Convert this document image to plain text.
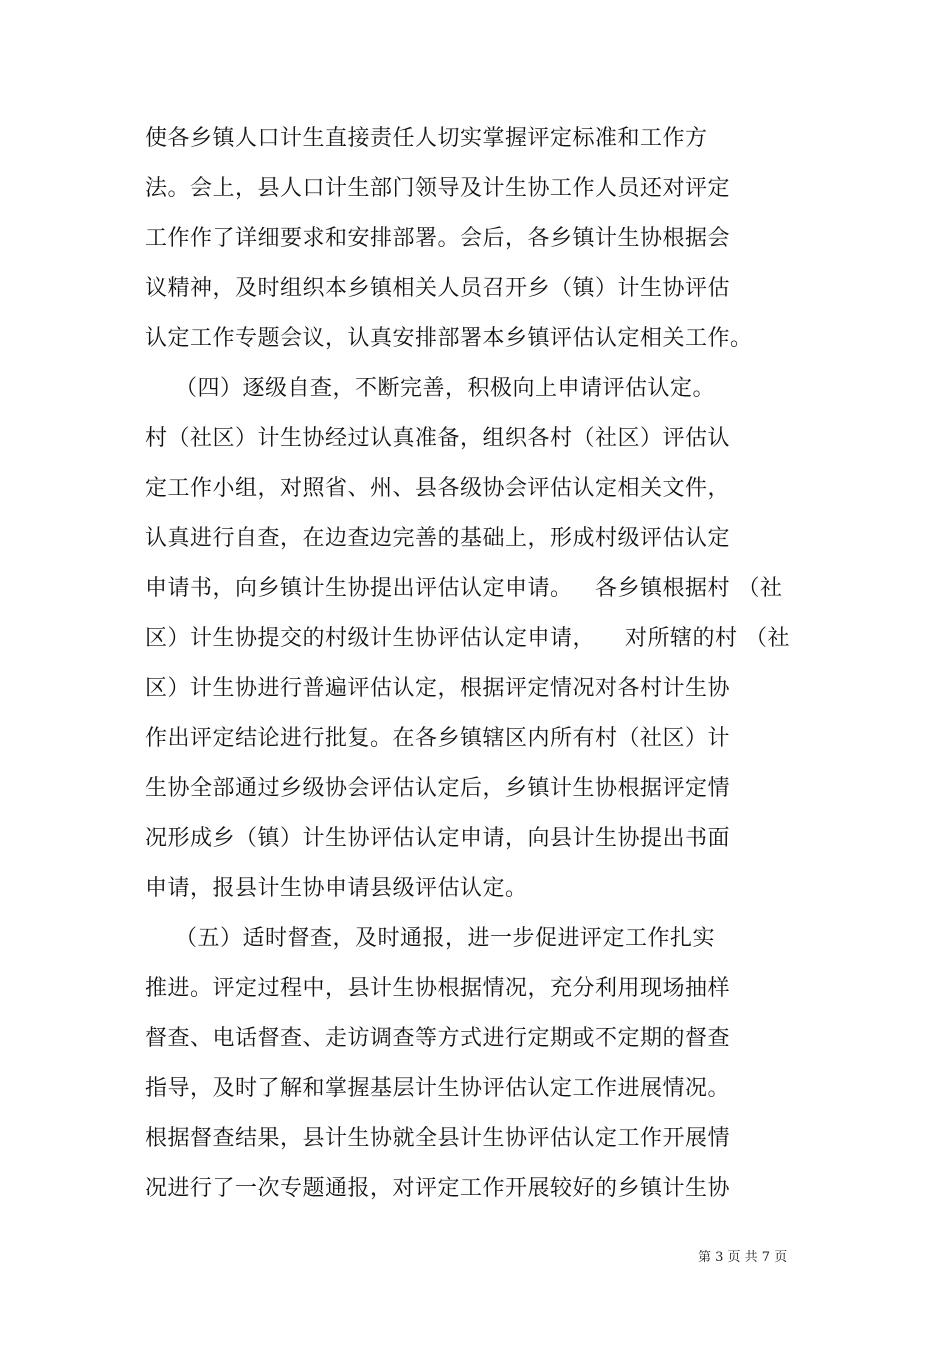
使各乡镇人口计生直接责任人切实掌握评定标准和工作方
法。会上，县人口计生部门领导及计生协工作人员还对评定
工作作了详细要求和安排部署。会后，各乡镇计生协根据会
议精神，及时组织本乡镇相关人员召开乡（镇）计生协评估
认定工作专题会议，认真安排部署本乡镇评估认定相关工作。
（四）逐级自查，不断完善，积极向上申请评估认定。
村（社区）计生协经过认真准备，组织各村（社区）评估认
定工作小组，对照省、州、县各级协会评估认定相关文件，
认真进行自查，在边查边完善的基础上，形成村级评估认定
申请书，向乡镇计生协提出评估认定申请。   各乡镇根据村 （社
区）计生协提交的村级计生协评估认定申请，    对所辖的村 （社
区）计生协进行普遍评估认定，根据评定情况对各村计生协
作出评定结论进行批复。在各乡镇辖区内所有村（社区）计
生协全部通过乡级协会评估认定后，乡镇计生协根据评定情
况形成乡（镇）计生协评估认定申请，向县计生协提出书面
申请，报县计生协申请县级评估认定。
（五）适时督查，及时通报，进一步促进评定工作扎实
推进。评定过程中，县计生协根据情况，充分利用现场抽样
督查、电话督查、走访调查等方式进行定期或不定期的督查
指导，及时了解和掌握基层计生协评估认定工作进展情况。
根据督查结果，县计生协就全县计生协评估认定工作开展情
况进行了一次专题通报，对评定工作开展较好的乡镇计生协
第 3 页 共 7 页
